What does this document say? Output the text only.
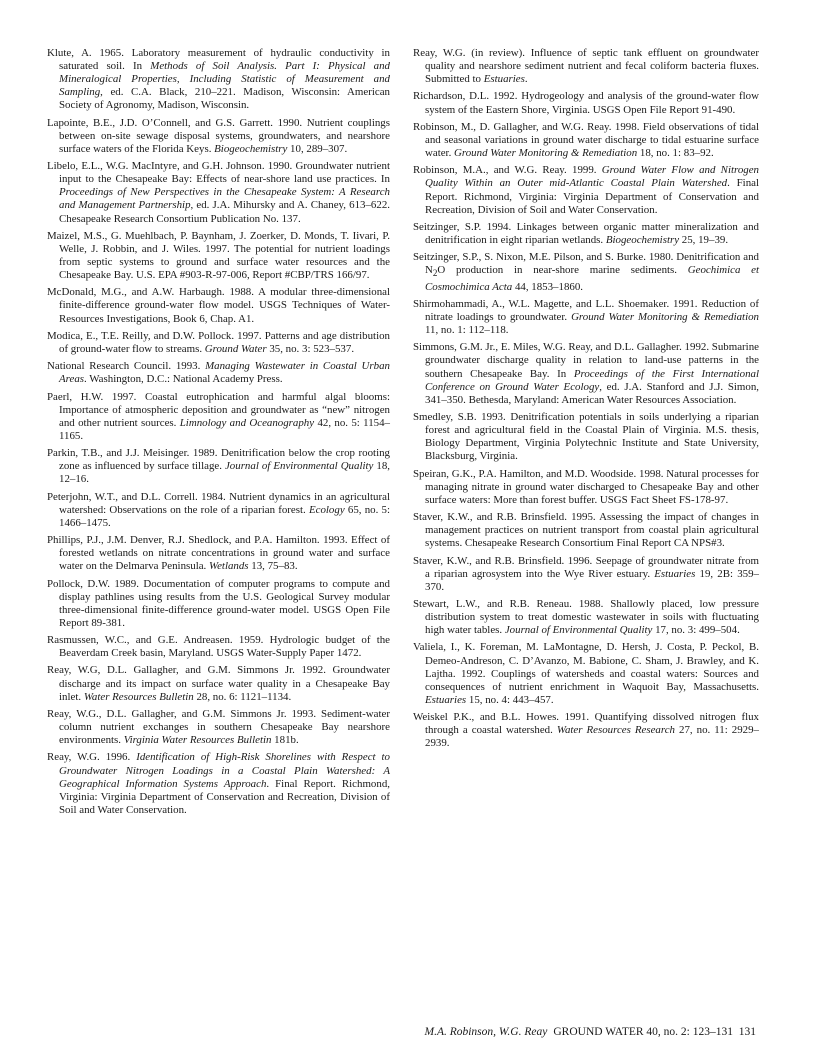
Klute, A. 1965. Laboratory measurement of hydraulic conductivity in saturated soil. In Methods of Soil Analysis. Part I: Physical and Mineralogical Properties, Including Statistic of Measurement and Sampling, ed. C.A. Black, 210–221. Madison, Wisconsin: American Society of Agronomy, Madison, Wisconsin.

Lapointe, B.E., J.D. O’Connell, and G.S. Garrett. 1990. Nutrient couplings between on-site sewage disposal systems, groundwaters, and nearshore surface waters of the Florida Keys. Biogeochemistry 10, 289–307.

Libelo, E.L., W.G. MacIntyre, and G.H. Johnson. 1990. Groundwater nutrient input to the Chesapeake Bay: Effects of near-shore land use practices. In Proceedings of New Perspectives in the Chesapeake System: A Research and Management Partnership, ed. J.A. Mihursky and A. Chaney, 613–622. Chesapeake Research Consortium Publication No. 137.

Maizel, M.S., G. Muehlbach, P. Baynham, J. Zoerker, D. Monds, T. Iivari, P. Welle, J. Robbin, and J. Wiles. 1997. The potential for nutrient loadings from septic systems to ground and surface water resources and the Chesapeake Bay. U.S. EPA #903-R-97-006, Report #CBP/TRS 166/97.

McDonald, M.G., and A.W. Harbaugh. 1988. A modular three-dimensional finite-difference ground-water flow model. USGS Techniques of Water-Resources Investigations, Book 6, Chap. A1.

Modica, E., T.E. Reilly, and D.W. Pollock. 1997. Patterns and age distribution of ground-water flow to streams. Ground Water 35, no. 3: 523–537.

National Research Council. 1993. Managing Wastewater in Coastal Urban Areas. Washington, D.C.: National Academy Press.

Paerl, H.W. 1997. Coastal eutrophication and harmful algal blooms: Importance of atmospheric deposition and groundwater as “new” nitrogen and other nutrient sources. Limnology and Oceanography 42, no. 5: 1154–1165.

Parkin, T.B., and J.J. Meisinger. 1989. Denitrification below the crop rooting zone as influenced by surface tillage. Journal of Environmental Quality 18, 12–16.

Peterjohn, W.T., and D.L. Correll. 1984. Nutrient dynamics in an agricultural watershed: Observations on the role of a riparian forest. Ecology 65, no. 5: 1466–1475.

Phillips, P.J., J.M. Denver, R.J. Shedlock, and P.A. Hamilton. 1993. Effect of forested wetlands on nitrate concentrations in ground water and surface water on the Delmarva Peninsula. Wetlands 13, 75–83.

Pollock, D.W. 1989. Documentation of computer programs to compute and display pathlines using results from the U.S. Geological Survey modular three-dimensional finite-difference ground-water model. USGS Open File Report 89-381.

Rasmussen, W.C., and G.E. Andreasen. 1959. Hydrologic budget of the Beaverdam Creek basin, Maryland. USGS Water-Supply Paper 1472.

Reay, W.G, D.L. Gallagher, and G.M. Simmons Jr. 1992. Groundwater discharge and its impact on surface water quality in a Chesapeake Bay inlet. Water Resources Bulletin 28, no. 6: 1121–1134.

Reay, W.G., D.L. Gallagher, and G.M. Simmons Jr. 1993. Sediment-water column nutrient exchanges in southern Chesapeake Bay nearshore environments. Virginia Water Resources Bulletin 181b.

Reay, W.G. 1996. Identification of High-Risk Shorelines with Respect to Groundwater Nitrogen Loadings in a Coastal Plain Watershed: A Geographical Information Systems Approach. Final Report. Richmond, Virginia: Virginia Department of Conservation and Recreation, Division of Soil and Water Conservation.

Reay, W.G. (in review). Influence of septic tank effluent on groundwater quality and nearshore sediment nutrient and fecal coliform bacteria fluxes. Submitted to Estuaries.

Richardson, D.L. 1992. Hydrogeology and analysis of the ground-water flow system of the Eastern Shore, Virginia. USGS Open File Report 91-490.

Robinson, M., D. Gallagher, and W.G. Reay. 1998. Field observations of tidal and seasonal variations in ground water discharge to tidal estuarine surface water. Ground Water Monitoring & Remediation 18, no. 1: 83–92.

Robinson, M.A., and W.G. Reay. 1999. Ground Water Flow and Nitrogen Quality Within an Outer mid-Atlantic Coastal Plain Watershed. Final Report. Richmond, Virginia: Virginia Department of Conservation and Recreation, Division of Soil and Water Conservation.

Seitzinger, S.P. 1994. Linkages between organic matter mineralization and denitrification in eight riparian wetlands. Biogeochemistry 25, 19–39.

Seitzinger, S.P., S. Nixon, M.E. Pilson, and S. Burke. 1980. Denitrification and $N_2O$ production in near-shore marine sediments. Geochimica et Cosmochimica Acta 44, 1853–1860.

Shirmohammadi, A., W.L. Magette, and L.L. Shoemaker. 1991. Reduction of nitrate loadings to groundwater. Ground Water Monitoring & Remediation 11, no. 1: 112–118.

Simmons, G.M. Jr., E. Miles, W.G. Reay, and D.L. Gallagher. 1992. Submarine groundwater discharge quality in relation to land-use patterns in the southern Chesapeake Bay. In Proceedings of the First International Conference on Ground Water Ecology, ed. J.A. Stanford and J.J. Simon, 341–350. Bethesda, Maryland: American Water Resources Association.

Smedley, S.B. 1993. Denitrification potentials in soils underlying a riparian forest and agricultural field in the Coastal Plain of Virginia. M.S. thesis, Biology Department, Virginia Polytechnic Institute and State University, Blacksburg, Virginia.

Speiran, G.K., P.A. Hamilton, and M.D. Woodside. 1998. Natural processes for managing nitrate in ground water discharged to Chesapeake Bay and other surface waters: More than forest buffer. USGS Fact Sheet FS-178-97.

Staver, K.W., and R.B. Brinsfield. 1995. Assessing the impact of changes in management practices on nutrient transport from coastal plain agricultural systems. Chesapeake Research Consortium Final Report CA NPS#3.

Staver, K.W., and R.B. Brinsfield. 1996. Seepage of groundwater nitrate from a riparian agrosystem into the Wye River estuary. Estuaries 19, 2B: 359–370.

Stewart, L.W., and R.B. Reneau. 1988. Shallowly placed, low pressure distribution system to treat domestic wastewater in soils with fluctuating high water tables. Journal of Environmental Quality 17, no. 3: 499–504.

Valiela, I., K. Foreman, M. LaMontagne, D. Hersh, J. Costa, P. Peckol, B. Demeo-Andreson, C. D’Avanzo, M. Babione, C. Sham, J. Brawley, and K. Lajtha. 1992. Couplings of watersheds and coastal waters: Sources and consequences of nutrient enrichment in Waquoit Bay, Massachusetts. Estuaries 15, no. 4: 443–457.

Weiskel P.K., and B.L. Howes. 1991. Quantifying dissolved nitrogen flux through a coastal watershed. Water Resources Research 27, no. 11: 2929–2939.

M.A. Robinson, W.G. Reay GROUND WATER 40, no. 2: 123–131 131
